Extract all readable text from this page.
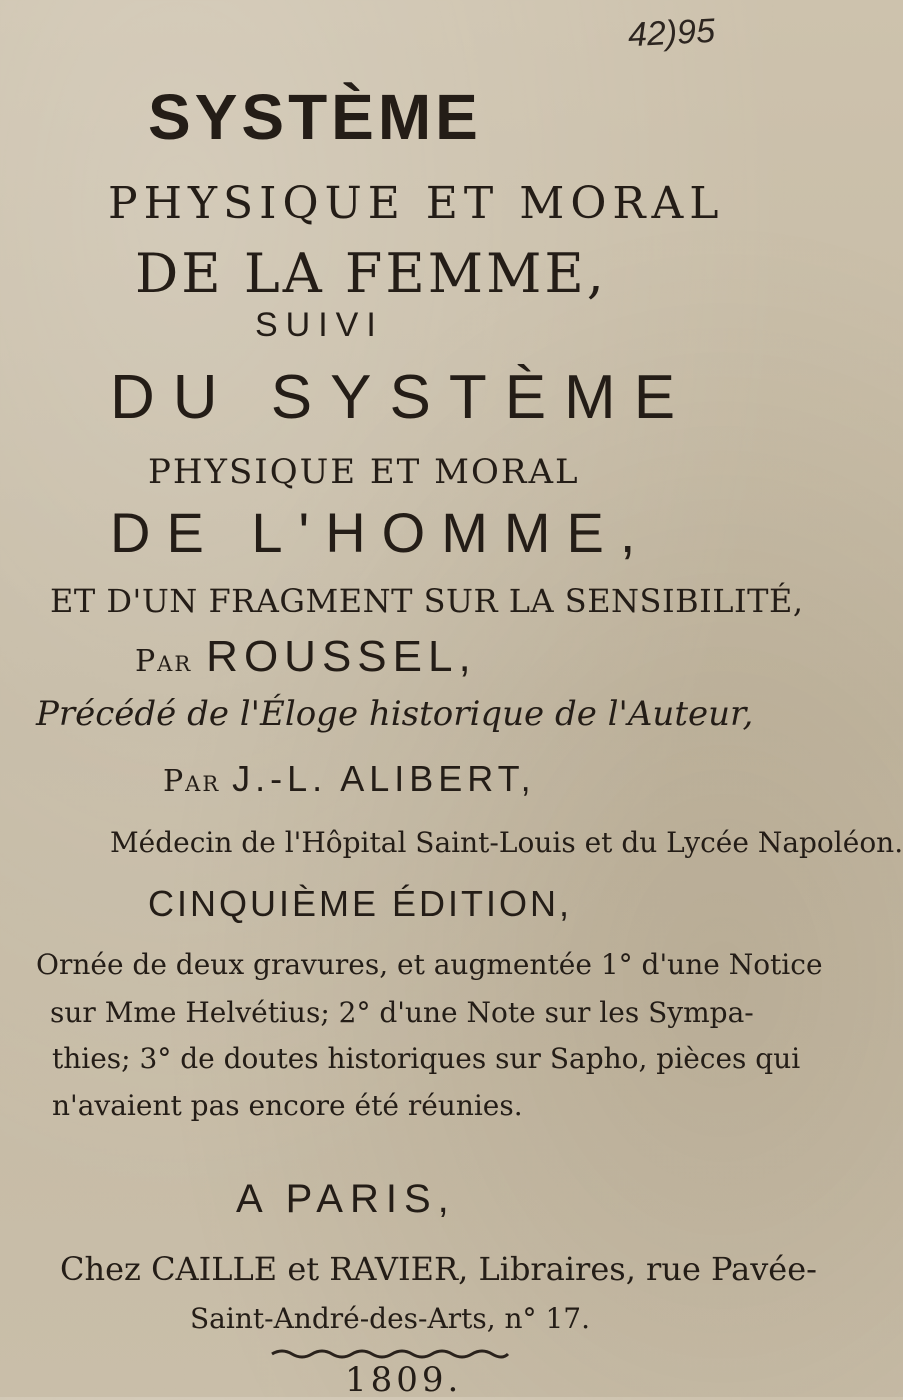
42)95
SYSTÈME
PHYSIQUE ET MORAL
DE LA FEMME,
SUIVI
DU SYSTÈME
PHYSIQUE ET MORAL
DE L'HOMME,
ET D'UN FRAGMENT SUR LA SENSIBILITÉ,
Par ROUSSEL,
Précédé de l'Éloge historique de l'Auteur,
Par J.-L. ALIBERT,
Médecin de l'Hôpital Saint-Louis et du Lycée Napoléon.
CINQUIÈME ÉDITION,
Ornée de deux gravures, et augmentée 1° d'une Notice
sur Mme Helvétius; 2° d'une Note sur les Sympa-
thies; 3° de doutes historiques sur Sapho, pièces qui
n'avaient pas encore été réunies.
A PARIS,
Chez CAILLE et RAVIER, Libraires, rue Pavée-
Saint-André-des-Arts, n° 17.
1809.
